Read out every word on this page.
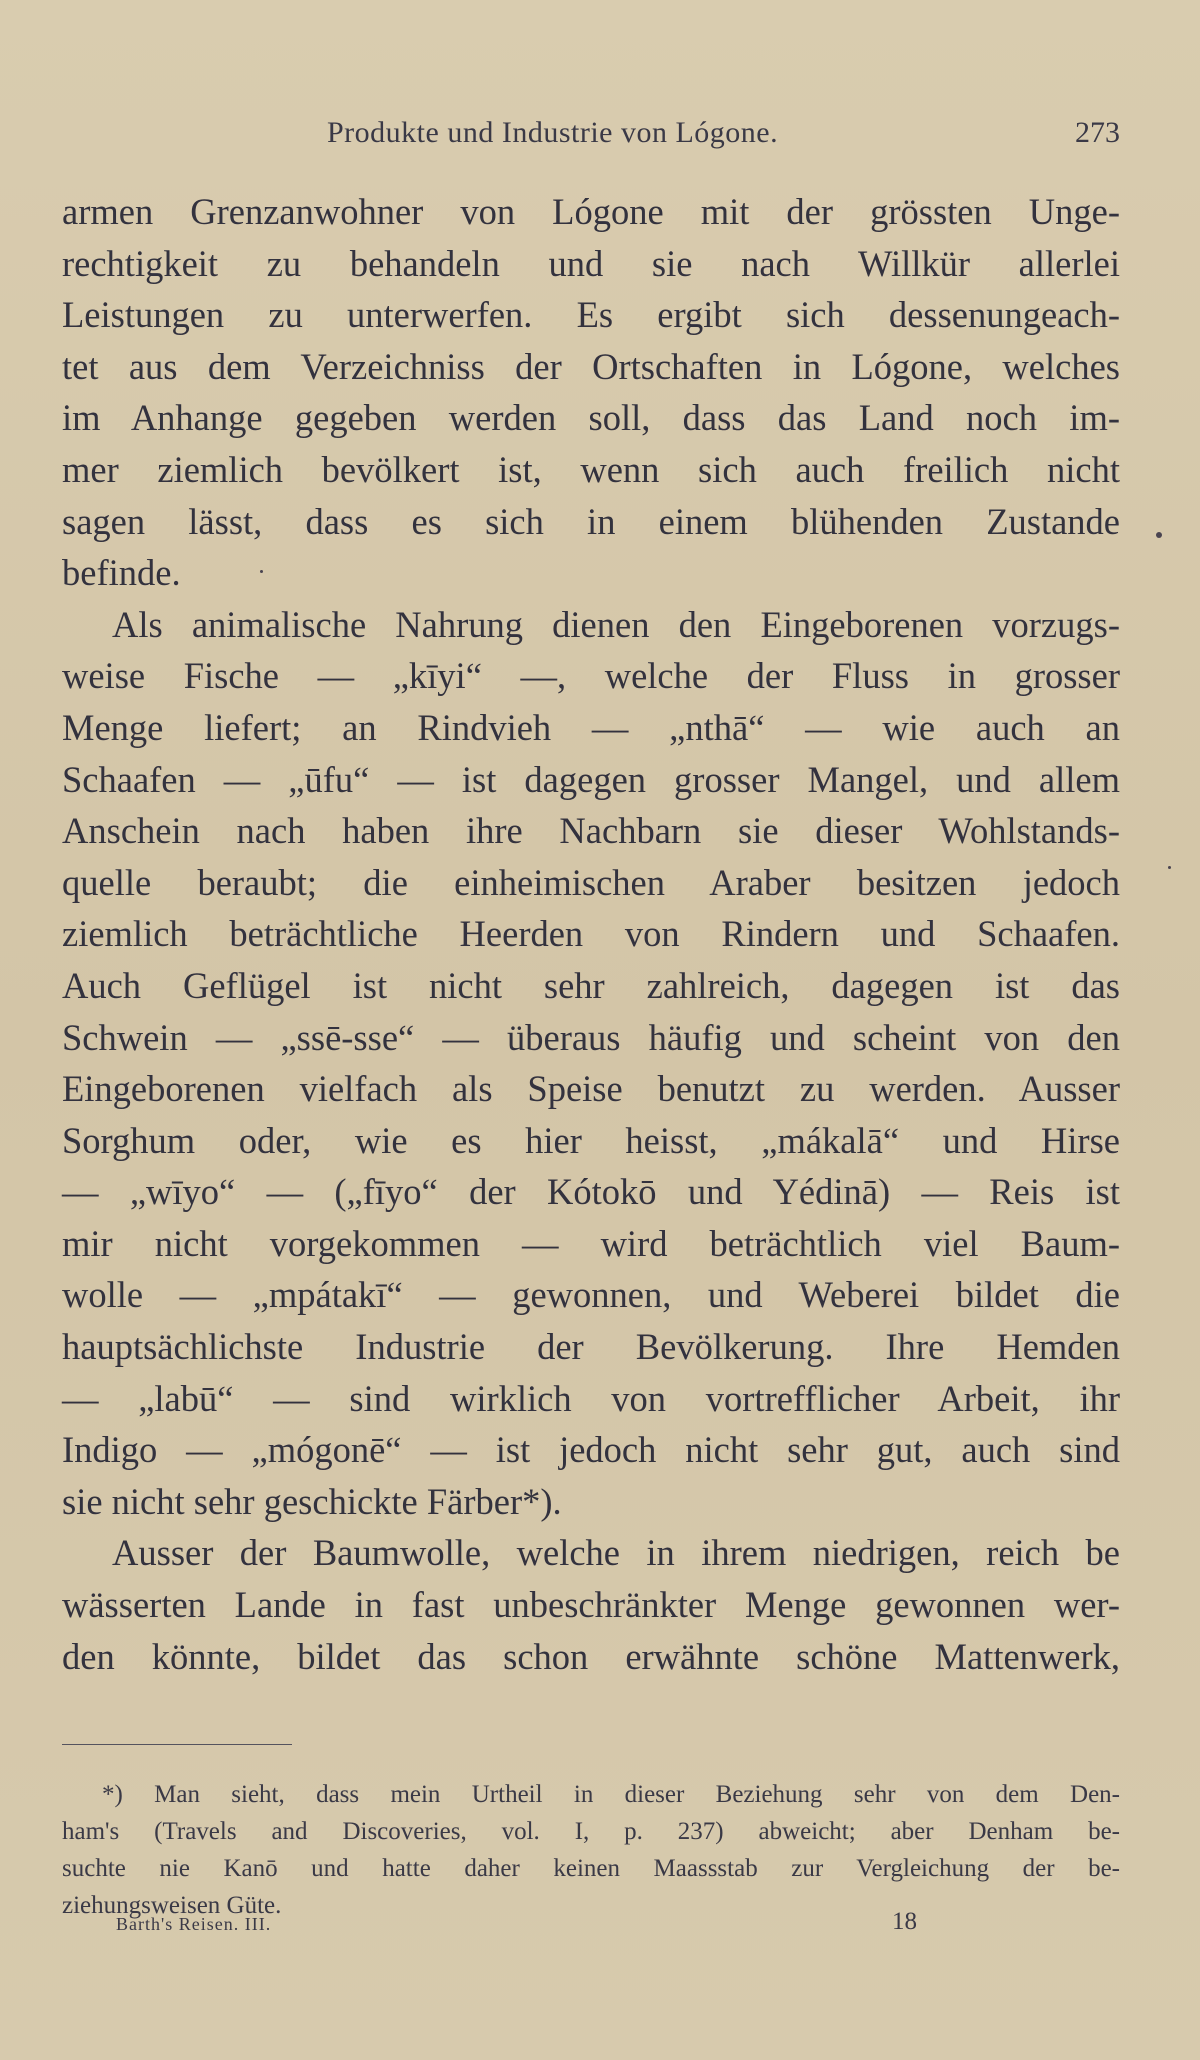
Produkte und Industrie von Lógone.	273
armen Grenzanwohner von Lógone mit der grössten Unge-
rechtigkeit zu behandeln und sie nach Willkür allerlei
Leistungen zu unterwerfen. Es ergibt sich dessenungeach-
tet aus dem Verzeichniss der Ortschaften in Lógone, welches
im Anhange gegeben werden soll, dass das Land noch im-
mer ziemlich bevölkert ist, wenn sich auch freilich nicht
sagen lässt, dass es sich in einem blühenden Zustande
befinde.
Als animalische Nahrung dienen den Eingeborenen vorzugs-
weise Fische — „kīyi“ —, welche der Fluss in grosser
Menge liefert; an Rindvieh — „nthā“ — wie auch an
Schaafen — „ūfu“ — ist dagegen grosser Mangel, und allem
Anschein nach haben ihre Nachbarn sie dieser Wohlstands-
quelle beraubt; die einheimischen Araber besitzen jedoch
ziemlich beträchtliche Heerden von Rindern und Schaafen.
Auch Geflügel ist nicht sehr zahlreich, dagegen ist das
Schwein — „ssē-sse“ — überaus häufig und scheint von den
Eingeborenen vielfach als Speise benutzt zu werden. Ausser
Sorghum oder, wie es hier heisst, „mákalā“ und Hirse
— „wīyo“ — („fīyo“ der Kótokō und Yédinā) — Reis ist
mir nicht vorgekommen — wird beträchtlich viel Baum-
wolle — „mpátakī“ — gewonnen, und Weberei bildet die
hauptsächlichste Industrie der Bevölkerung. Ihre Hemden
— „labū“ — sind wirklich von vortrefflicher Arbeit, ihr
Indigo — „mógonē“ — ist jedoch nicht sehr gut, auch sind
sie nicht sehr geschickte Färber*).
Ausser der Baumwolle, welche in ihrem niedrigen, reich be
wässerten Lande in fast unbeschränkter Menge gewonnen wer-
den könnte, bildet das schon erwähnte schöne Mattenwerk,
*) Man sieht, dass mein Urtheil in dieser Beziehung sehr von dem Den-
ham's (Travels and Discoveries, vol. I, p. 237) abweicht; aber Denham be-
suchte nie Kanō und hatte daher keinen Maassstab zur Vergleichung der be-
ziehungsweisen Güte.
Barth's Reisen. III.	18
